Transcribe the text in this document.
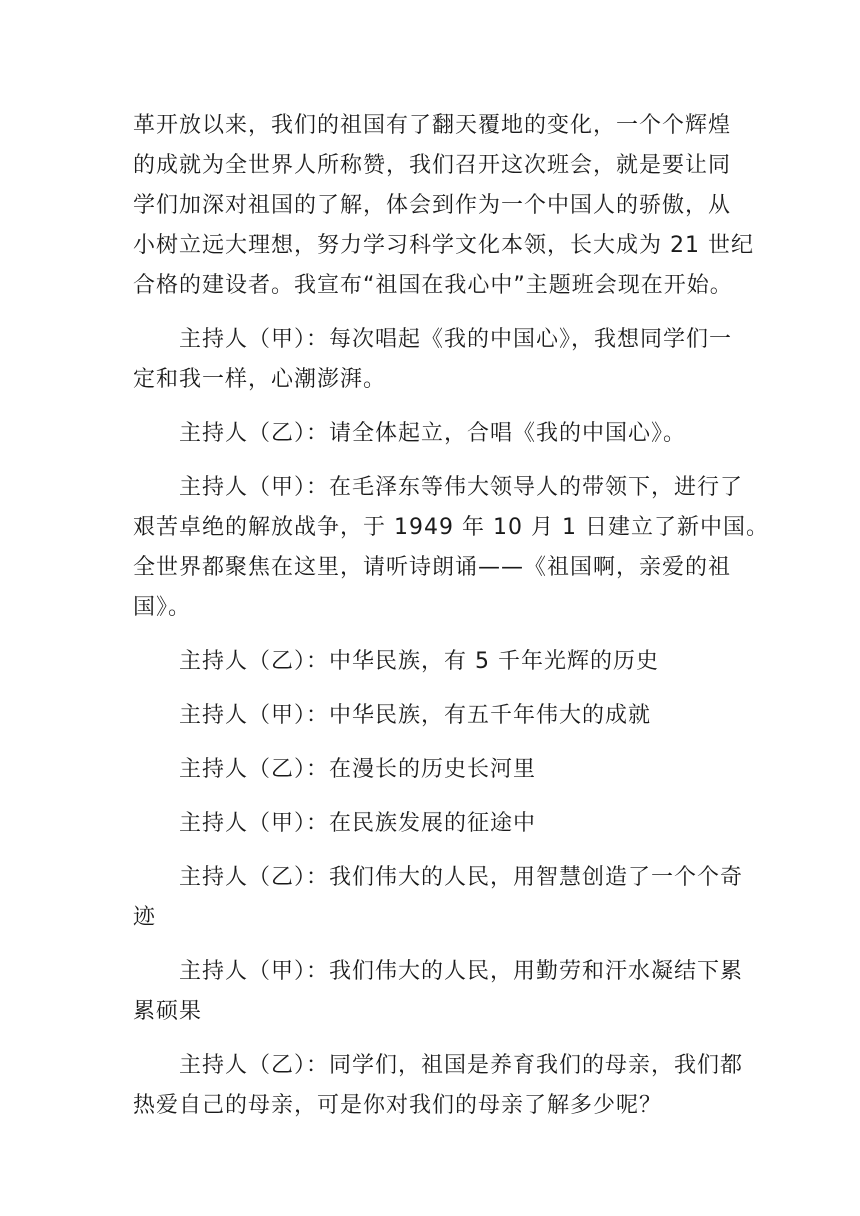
革开放以来，我们的祖国有了翻天覆地的变化，一个个辉煌
的成就为全世界人所称赞，我们召开这次班会，就是要让同
学们加深对祖国的了解，体会到作为一个中国人的骄傲，从
小树立远大理想，努力学习科学文化本领，长大成为 21 世纪
合格的建设者。我宣布“祖国在我心中”主题班会现在开始。

主持人（甲）：每次唱起《我的中国心》，我想同学们一
定和我一样，心潮澎湃。

主持人（乙）：请全体起立，合唱《我的中国心》。

主持人（甲）：在毛泽东等伟大领导人的带领下，进行了
艰苦卓绝的解放战争，于 1949 年 10 月 1 日建立了新中国。
全世界都聚焦在这里，请听诗朗诵——《祖国啊，亲爱的祖
国》。

主持人（乙）：中华民族，有 5 千年光辉的历史

主持人（甲）：中华民族，有五千年伟大的成就

主持人（乙）：在漫长的历史长河里

主持人（甲）：在民族发展的征途中

主持人（乙）：我们伟大的人民，用智慧创造了一个个奇
迹

主持人（甲）：我们伟大的人民，用勤劳和汗水凝结下累
累硕果

主持人（乙）：同学们，祖国是养育我们的母亲，我们都
热爱自己的母亲，可是你对我们的母亲了解多少呢？
